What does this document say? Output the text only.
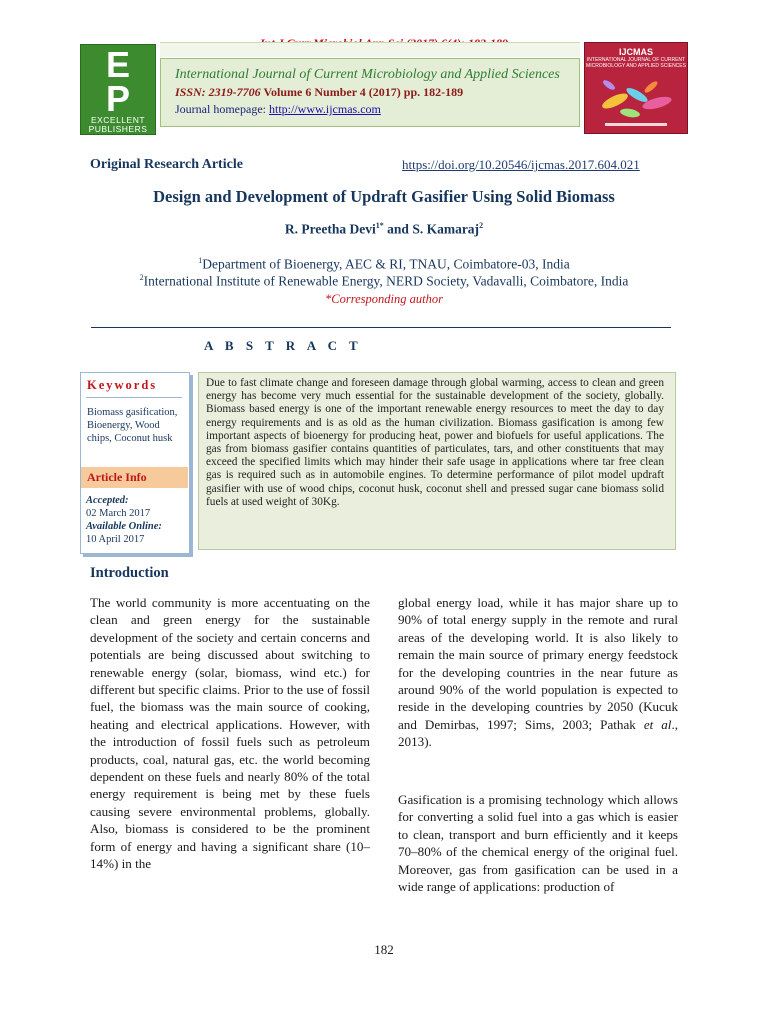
E
P
EXCELLENT
PUBLISHERS
International Journal of Current Microbiology and Applied Sciences
ISSN: 2319-7706 Volume 6 Number 4 (2017) pp. 182-189
Journal homepage: http://www.ijcmas.com
IJCMAS
INTERNATIONAL JOURNAL OF CURRENT MICROBIOLOGY AND APPLIED SCIENCES
Original Research Article	https://doi.org/10.20546/ijcmas.2017.604.021
Design and Development of Updraft Gasifier Using Solid Biomass
R. Preetha Devi$^{1*}$ and S. Kamaraj$^2$
$^1$Department of Bioenergy, AEC & RI, TNAU, Coimbatore-03, India
$^2$International Institute of Renewable Energy, NERD Society, Vadavalli, Coimbatore, India
*Corresponding author
A B S T R A C T
Keywords
Biomass gasification, Bioenergy, Wood chips, Coconut husk
Article Info
Accepted:
02 March 2017
Available Online:
10 April 2017
Due to fast climate change and foreseen damage through global warming, access to clean and green energy has become very much essential for the sustainable development of the society, globally. Biomass based energy is one of the important renewable energy resources to meet the day to day energy requirements and is as old as the human civilization. Biomass gasification is among few important aspects of bioenergy for producing heat, power and biofuels for useful applications. The gas from biomass gasifier contains quantities of particulates, tars, and other constituents that may exceed the specified limits which may hinder their safe usage in applications where tar free clean gas is required such as in automobile engines. To determine performance of pilot model updraft gasifier with use of wood chips, coconut husk, coconut shell and pressed sugar cane biomass solid fuels at used weight of 30Kg.
Introduction
The world community is more accentuating on the clean and green energy for the sustainable development of the society and certain concerns and potentials are being discussed about switching to renewable energy (solar, biomass, wind etc.) for different but specific claims. Prior to the use of fossil fuel, the biomass was the main source of cooking, heating and electrical applications. However, with the introduction of fossil fuels such as petroleum products, coal, natural gas, etc. the world becoming dependent on these fuels and nearly 80% of the total energy requirement is being met by these fuels causing severe environmental problems, globally. Also, biomass is considered to be the prominent form of energy and having a significant share (10–14%) in the
global energy load, while it has major share up to 90% of total energy supply in the remote and rural areas of the developing world. It is also likely to remain the main source of primary energy feedstock for the developing countries in the near future as around 90% of the world population is expected to reside in the developing countries by 2050 (Kucuk and Demirbas, 1997; Sims, 2003; Pathak et al., 2013).
Gasification is a promising technology which allows for converting a solid fuel into a gas which is easier to clean, transport and burn efficiently and it keeps 70–80% of the chemical energy of the original fuel. Moreover, gas from gasification can be used in a wide range of applications: production of
182
